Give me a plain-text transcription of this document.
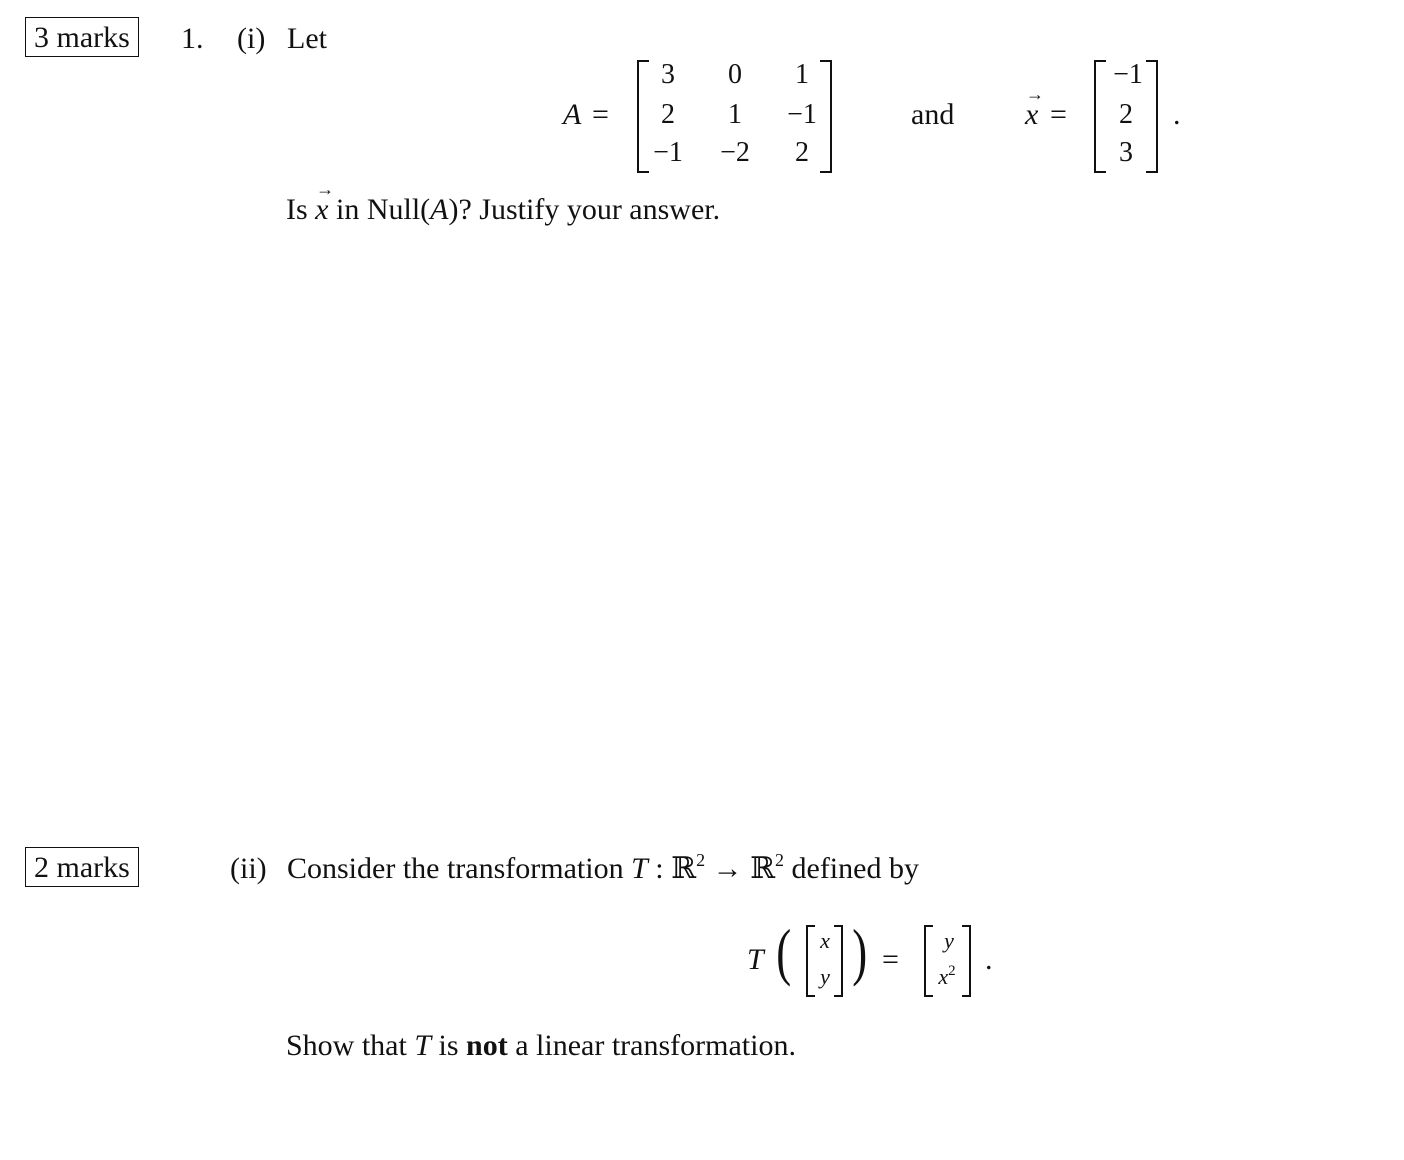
3 marks	1. (i) Let
A =
3 0 1
2 1 −1
−1 −2 2
and	x
→
=
−1
2
3
.
Is x
→
in Null(A)? Justify your answer.
2 marks	(ii) Consider the transformation T : ℝ$^2$ → ℝ$^2$ defined by
T ( x
y ) =
y
$x^2$ .
Show that T is not a linear transformation.
